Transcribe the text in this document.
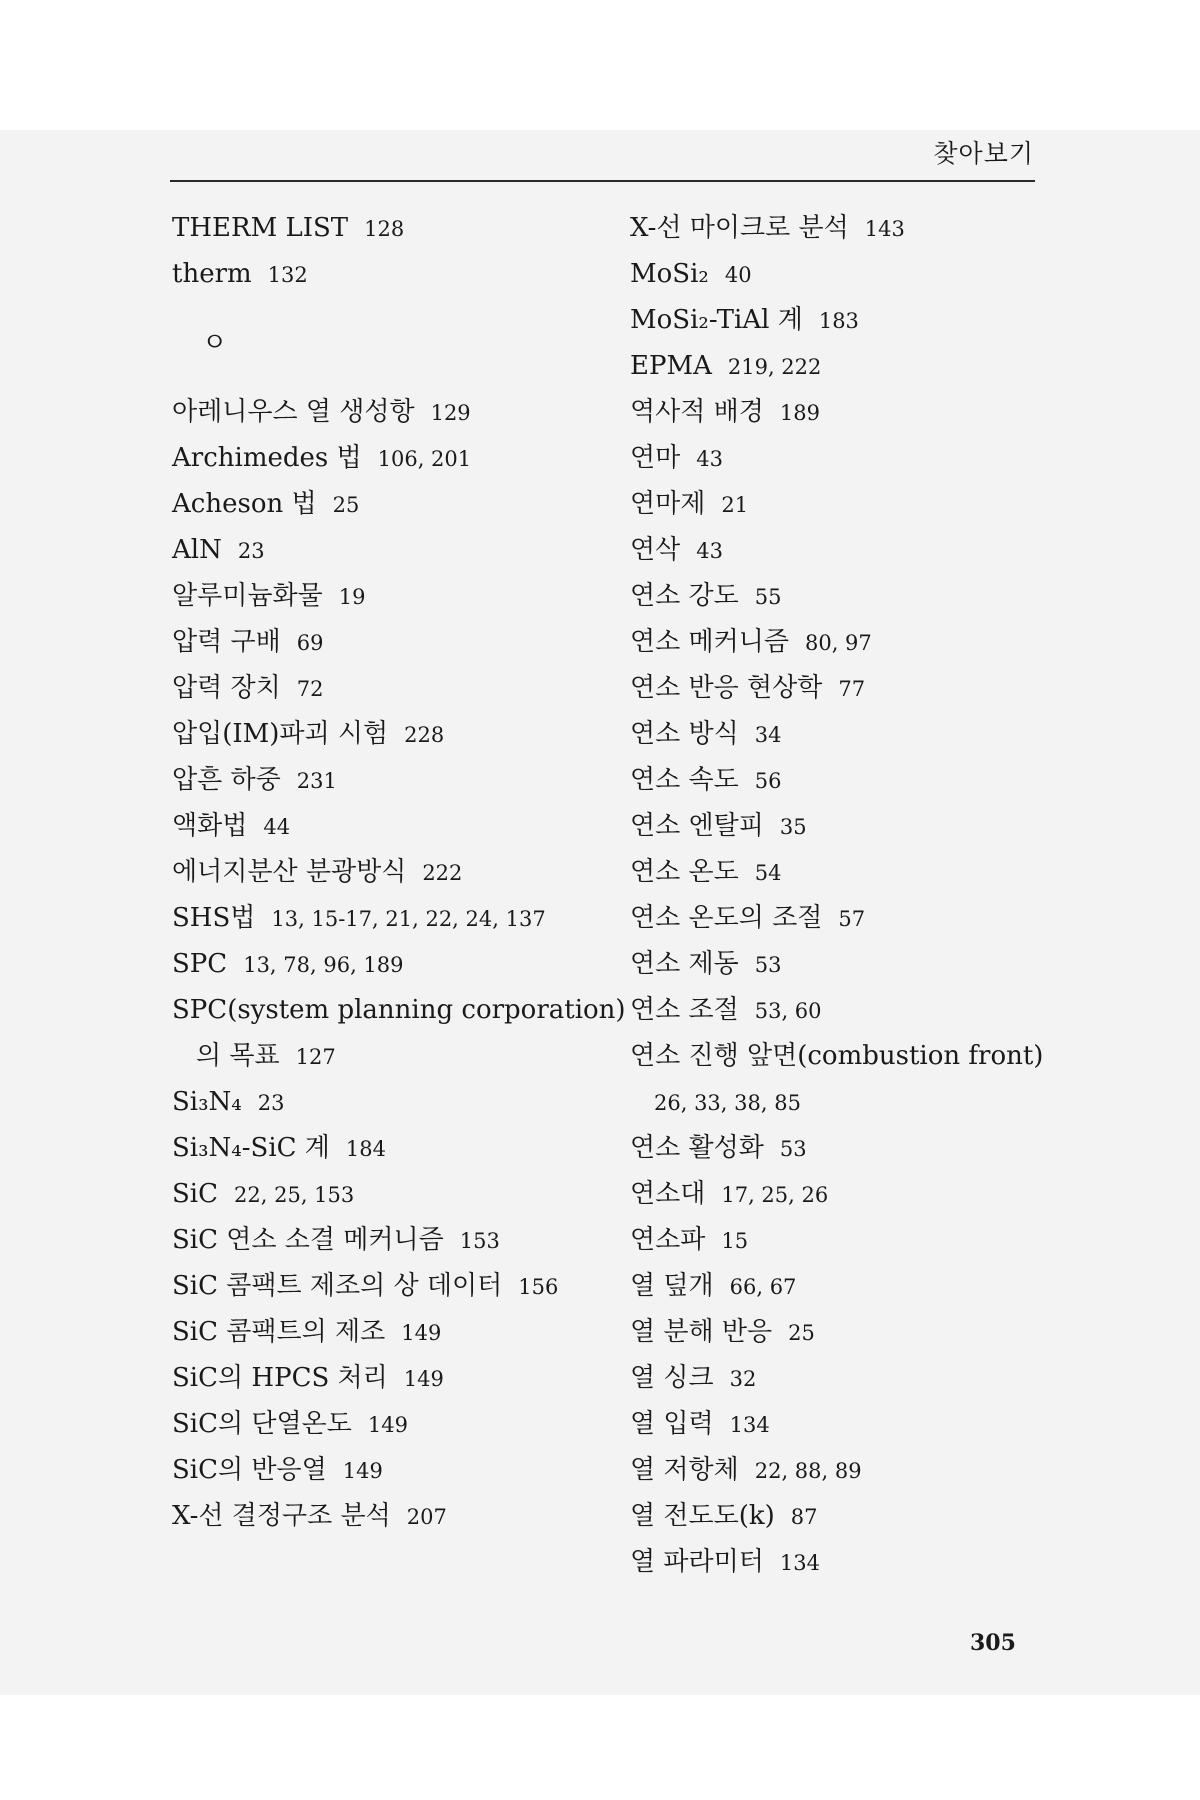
찾아보기
THERM LIST 128
therm 132
ㅇ
아레니우스 열 생성항 129
Archimedes 법 106, 201
Acheson 법 25
AlN 23
알루미늄화물 19
압력 구배 69
압력 장치 72
압입(IM)파괴 시험 228
압흔 하중 231
액화법 44
에너지분산 분광방식 222
SHS법 13, 15-17, 21, 22, 24, 137
SPC 13, 78, 96, 189
SPC(system planning corporation)
의 목표 127
Si₃N₄ 23
Si₃N₄-SiC 계 184
SiC 22, 25, 153
SiC 연소 소결 메커니즘 153
SiC 콤팩트 제조의 상 데이터 156
SiC 콤팩트의 제조 149
SiC의 HPCS 처리 149
SiC의 단열온도 149
SiC의 반응열 149
X-선 결정구조 분석 207
X-선 마이크로 분석 143
MoSi₂ 40
MoSi₂-TiAl 계 183
EPMA 219, 222
역사적 배경 189
연마 43
연마제 21
연삭 43
연소 강도 55
연소 메커니즘 80, 97
연소 반응 현상학 77
연소 방식 34
연소 속도 56
연소 엔탈피 35
연소 온도 54
연소 온도의 조절 57
연소 제동 53
연소 조절 53, 60
연소 진행 앞면(combustion front)
26, 33, 38, 85
연소 활성화 53
연소대 17, 25, 26
연소파 15
열 덮개 66, 67
열 분해 반응 25
열 싱크 32
열 입력 134
열 저항체 22, 88, 89
열 전도도(k) 87
열 파라미터 134
305
